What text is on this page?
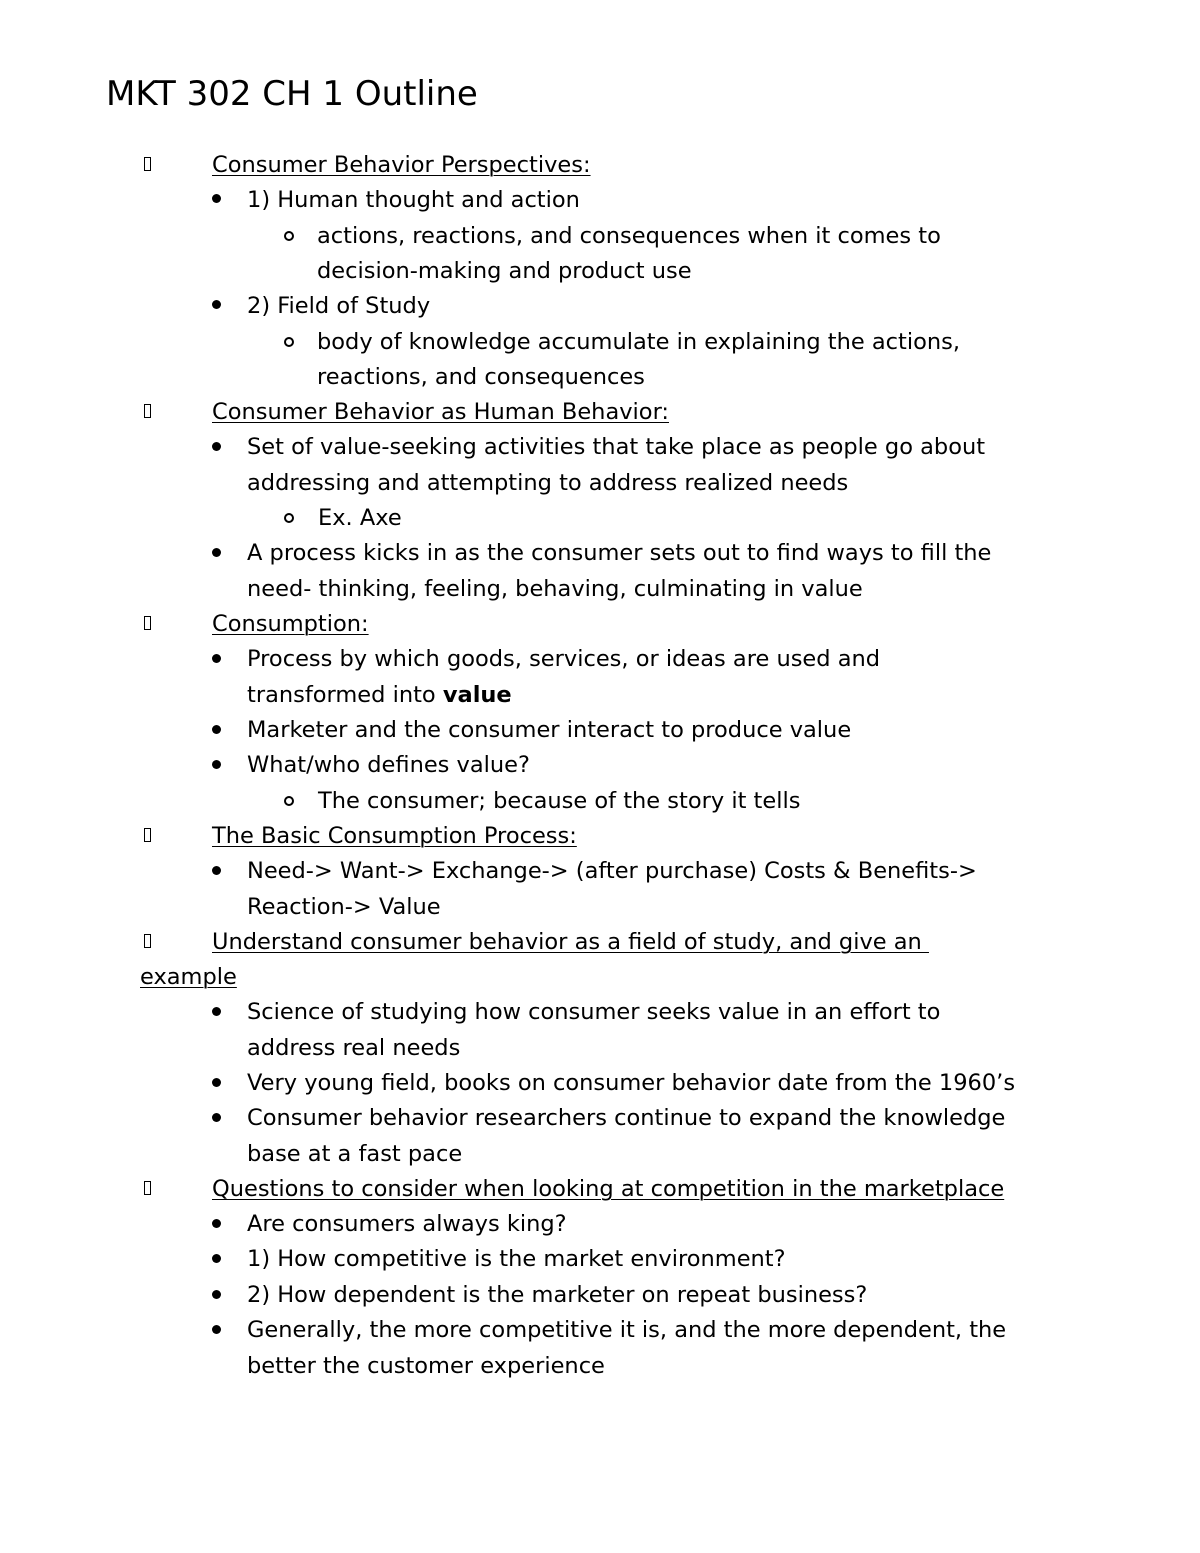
MKT 302 CH 1 Outline
Consumer Behavior Perspectives:
1) Human thought and action
actions, reactions, and consequences when it comes to
decision-making and product use
2) Field of Study
body of knowledge accumulate in explaining the actions,
reactions, and consequences
Consumer Behavior as Human Behavior:
Set of value-seeking activities that take place as people go about
addressing and attempting to address realized needs
Ex. Axe
A process kicks in as the consumer sets out to find ways to fill the
need- thinking, feeling, behaving, culminating in value
Consumption:
Process by which goods, services, or ideas are used and
transformed into value
Marketer and the consumer interact to produce value
What/who defines value?
The consumer; because of the story it tells
The Basic Consumption Process:
Need-> Want-> Exchange-> (after purchase) Costs & Benefits->
Reaction-> Value
Understand consumer behavior as a field of study, and give an
example
Science of studying how consumer seeks value in an effort to
address real needs
Very young field, books on consumer behavior date from the 1960’s
Consumer behavior researchers continue to expand the knowledge
base at a fast pace
Questions to consider when looking at competition in the marketplace
Are consumers always king?
1) How competitive is the market environment?
2) How dependent is the marketer on repeat business?
Generally, the more competitive it is, and the more dependent, the
better the customer experience
